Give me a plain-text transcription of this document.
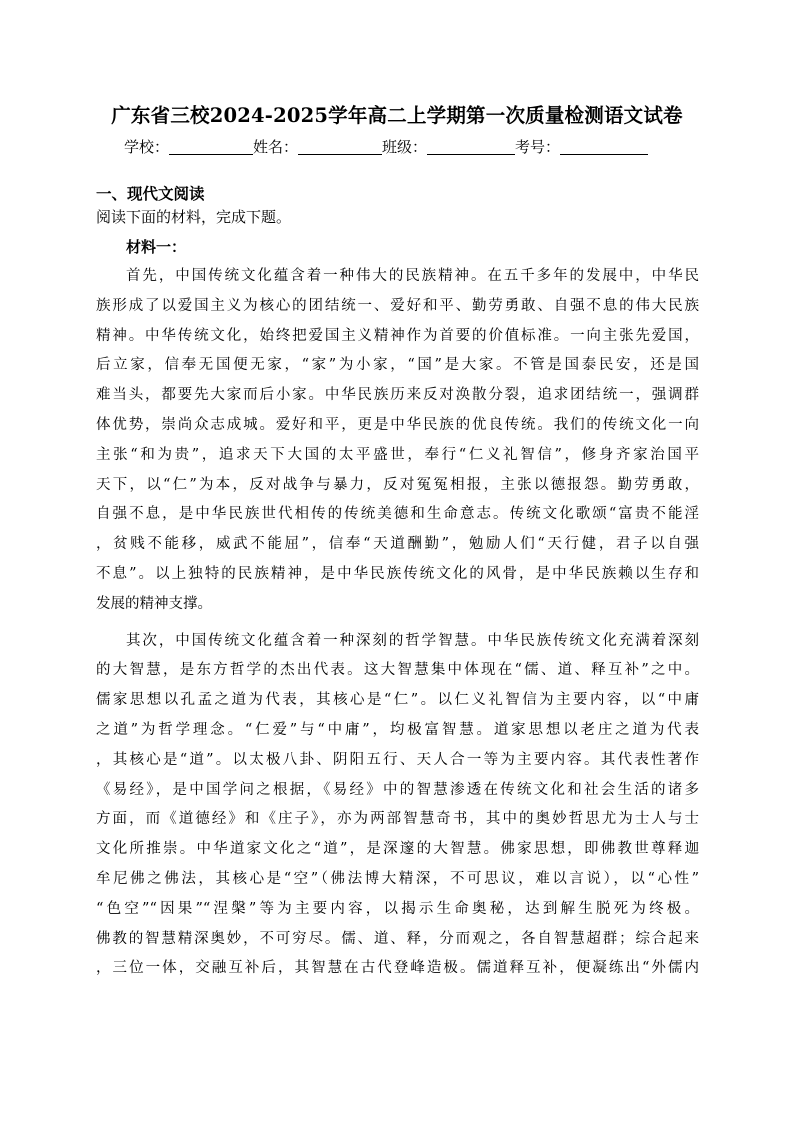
广东省三校2024-2025学年高二上学期第一次质量检测语文试卷
学校：	姓名：	班级：	考号：
一、现代文阅读
阅读下面的材料，完成下题。
材料一：
首先，中国传统文化蕴含着一种伟大的民族精神。在五千多年的发展中，中华民
族形成了以爱国主义为核心的团结统一、爱好和平、勤劳勇敢、自强不息的伟大民族
精神。中华传统文化，始终把爱国主义精神作为首要的价值标准。一向主张先爱国，
后立家，信奉无国便无家，“家”为小家，“国”是大家。不管是国泰民安，还是国
难当头，都要先大家而后小家。中华民族历来反对涣散分裂，追求团结统一，强调群
体优势，崇尚众志成城。爱好和平，更是中华民族的优良传统。我们的传统文化一向
主张“和为贵”，追求天下大国的太平盛世，奉行“仁义礼智信”，修身齐家治国平
天下，以“仁”为本，反对战争与暴力，反对冤冤相报，主张以德报怨。勤劳勇敢，
自强不息，是中华民族世代相传的传统美德和生命意志。传统文化歌颂“富贵不能淫
，贫贱不能移，威武不能屈”，信奉“天道酬勤”，勉励人们“天行健，君子以自强
不息”。以上独特的民族精神，是中华民族传统文化的风骨，是中华民族赖以生存和
发展的精神支撑。
其次，中国传统文化蕴含着一种深刻的哲学智慧。中华民族传统文化充满着深刻
的大智慧，是东方哲学的杰出代表。这大智慧集中体现在“儒、道、释互补”之中。
儒家思想以孔孟之道为代表，其核心是“仁”。以仁义礼智信为主要内容，以“中庸
之道”为哲学理念。“仁爱”与“中庸”，均极富智慧。道家思想以老庄之道为代表
，其核心是“道”。以太极八卦、阴阳五行、天人合一等为主要内容。其代表性著作
《易经》，是中国学问之根据，《易经》中的智慧渗透在传统文化和社会生活的诸多
方面，而《道德经》和《庄子》，亦为两部智慧奇书，其中的奥妙哲思尤为士人与士
文化所推崇。中华道家文化之“道”，是深邃的大智慧。佛家思想，即佛教世尊释迦
牟尼佛之佛法，其核心是“空”（佛法博大精深，不可思议，难以言说），以“心性”
“色空”“因果”“涅槃”等为主要内容，以揭示生命奥秘，达到解生脱死为终极。
佛教的智慧精深奥妙，不可穷尽。儒、道、释，分而观之，各自智慧超群；综合起来
，三位一体，交融互补后，其智慧在古代登峰造极。儒道释互补，便凝练出“外儒内
